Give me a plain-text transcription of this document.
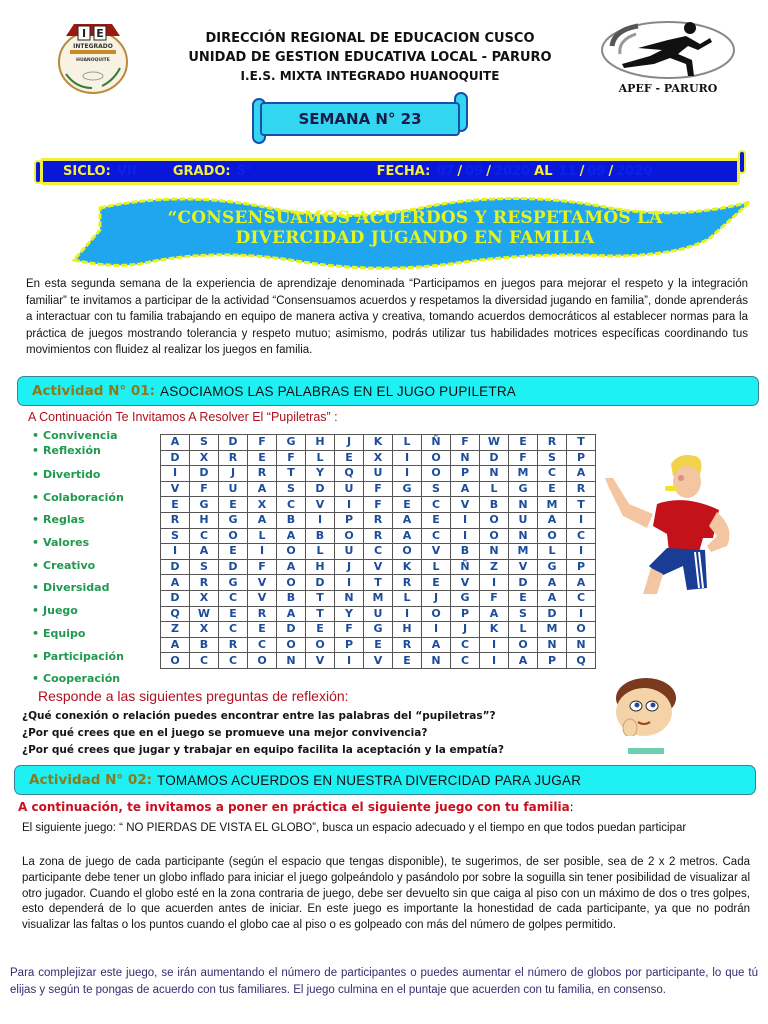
I E
INTEGRADO
HUANOQUITE
DIRECCIÓN REGIONAL DE EDUCACION CUSCO
UNIDAD DE GESTION EDUCATIVA LOCAL - PARURO
I.E.S. MIXTA INTEGRADO HUANOQUITE
APEF - PARURO
SEMANA N° 23
SICLO: VII	GRADO: 5°	FECHA: 07 / 09 / 2020 AL 11 / 09 / 2020
“CONSENSUAMOS ACUERDOS Y RESPETAMOS LA
DIVERCIDAD JUGANDO EN FAMILIA

En esta segunda semana de la experiencia de aprendizaje denominada “Participamos en juegos para mejorar el respeto y la integración familiar” te invitamos a participar de la actividad “Consensuamos acuerdos y respetamos la diversidad jugando en familia”, donde aprenderás a interactuar con tu familia trabajando en equipo de manera activa y creativa, tomando acuerdos democráticos al establecer normas para la práctica de juegos mostrando tolerancia y respeto mutuo; asimismo, podrás utilizar tus habilidades motrices específicas coordinando tus movimientos con fluidez al realizar los juegos en familia.

Actividad N° 01: ASOCIAMOS LAS PALABRAS EN EL JUGO PUPILETRA
A Continuación Te Invitamos A Resolver El “Pupiletras” :
• Convivencia
• Reflexión
• Divertido
• Colaboración
• Reglas
• Valores
• Creativo
• Diversidad
• Juego
• Equipo
• Participación
• Cooperación
A	S	D	F	G	H	J	K	L	Ñ	F	W	E	R	T
D	X	R	E	F	L	E	X	I	O	N	D	F	S	P
I	D	J	R	T	Y	Q	U	I	O	P	N	M	C	A
V	F	U	A	S	D	U	F	G	S	A	L	G	E	R
E	G	E	X	C	V	I	F	E	C	V	B	N	M	T
R	H	G	A	B	I	P	R	A	E	I	O	U	A	I
S	C	O	L	A	B	O	R	A	C	I	O	N	O	C
I	A	E	I	O	L	U	C	O	V	B	N	M	L	I
D	S	D	F	A	H	J	V	K	L	Ñ	Z	V	G	P
A	R	G	V	O	D	I	T	R	E	V	I	D	A	A
D	X	C	V	B	T	N	M	L	J	G	F	E	A	C
Q	W	E	R	A	T	Y	U	I	O	P	A	S	D	I
Z	X	C	E	D	E	F	G	H	I	J	K	L	M	O
A	B	R	C	O	O	P	E	R	A	C	I	O	N	N
O	C	C	O	N	V	I	V	E	N	C	I	A	P	Q
Responde a las siguientes preguntas de reflexión:
¿Qué conexión o relación puedes encontrar entre las palabras del “pupiletras”?
¿Por qué crees que en el juego se promueve una mejor convivencia?
¿Por qué crees que jugar y trabajar en equipo facilita la aceptación y la empatía?
Actividad N° 02: TOMAMOS ACUERDOS EN NUESTRA DIVERCIDAD PARA JUGAR
A continuación, te invitamos a poner en práctica el siguiente juego con tu familia:

El siguiente juego: “ NO PIERDAS DE VISTA EL GLOBO”, busca un espacio adecuado y el tiempo en que todos puedan participar

La zona de juego de cada participante (según el espacio que tengas disponible), te sugerimos, de ser posible, sea de 2 x 2 metros. Cada participante debe tener un globo inflado para iniciar el juego golpeándolo y pasándolo por sobre la soguilla sin tener posibilidad de visualizar al otro jugador. Cuando el globo esté en la zona contraria de juego, debe ser devuelto sin que caiga al piso con un máximo de dos o tres golpes, esto dependerá de lo que acuerden antes de iniciar. En este juego es importante la honestidad de cada participante, ya que no podrán visualizar las faltas o los puntos cuando el globo cae al piso o es golpeado con más del número de golpes permitido.

Para complejizar este juego, se irán aumentando el número de participantes o puedes aumentar el número de globos por participante, lo que tú elijas y según te pongas de acuerdo con tus familiares. El juego culmina en el puntaje que acuerden con tu familia, en consenso.
